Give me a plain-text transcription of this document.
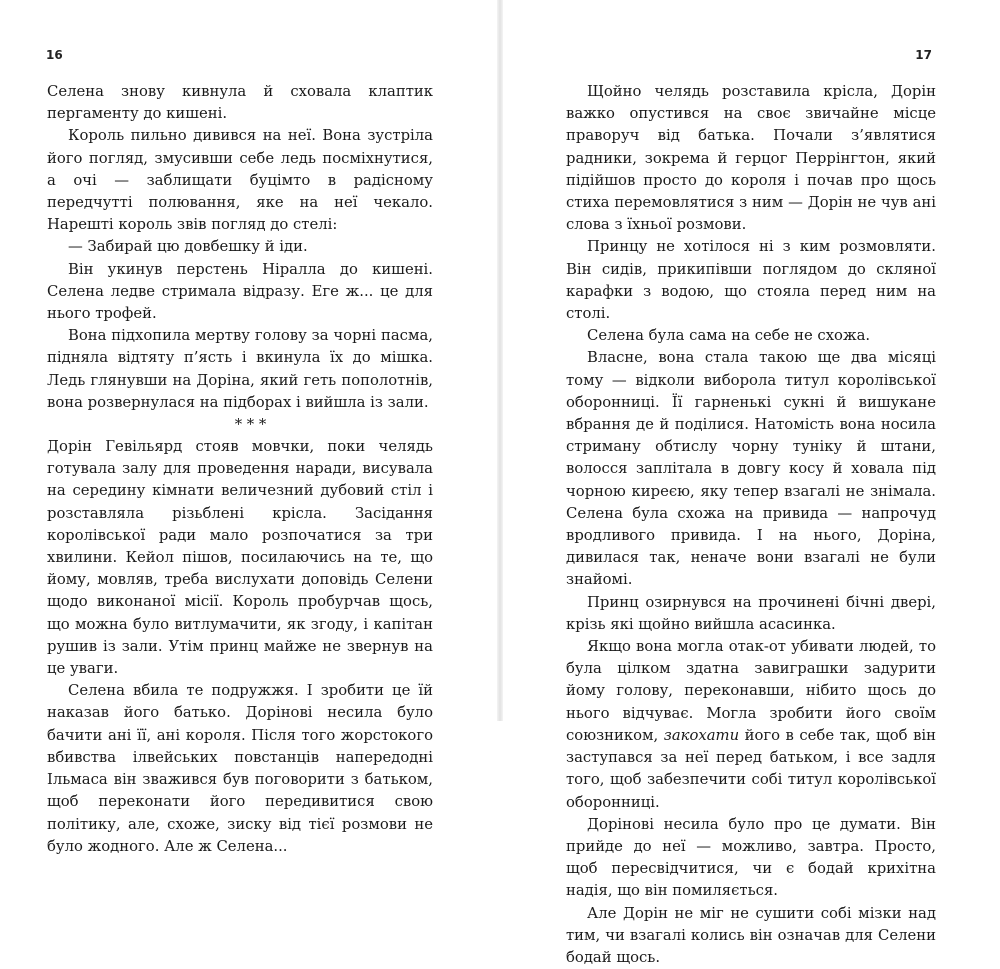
16

Селена знову кивнула й сховала клаптик пергаменту до кишені.

Король пильно дивився на неї. Вона зустріла його погляд, змусивши себе ледь посміхнутися, а очі — заблищати буцімто в радісному передчутті полювання, яке на неї чекало. Нарешті король звів погляд до стелі:

— Забирай цю довбешку й іди.

Він укинув перстень Ніралла до кишені. Селена ледве стримала відразу. Еге ж... це для нього трофей.

Вона підхопила мертву голову за чорні пасма, підняла відтяту п’ясть і вкинула їх до мішка. Ледь глянувши на Доріна, який геть пополотнів, вона розвернулася на підборах і вийшла із зали.

* * *

Дорін Гевільярд стояв мовчки, поки челядь готувала залу для проведення наради, висувала на середину кімнати величезний дубовий стіл і розставляла різьблені крісла. Засідання королівської ради мало розпочатися за три хвилини. Кейол пішов, посилаючись на те, що йому, мовляв, треба вислухати доповідь Селени щодо виконаної місії. Король пробурчав щось, що можна було витлумачити, як згоду, і капітан рушив із зали. Утім принц майже не звернув на це уваги.

Селена вбила те подружжя. І зробити це їй наказав його батько. Дорінові несила було бачити ані її, ані короля. Після того жорстокого вбивства ілвейських повстанців напередодні Ільмаса він зважився був поговорити з батьком, щоб переконати його передивитися свою політику, але, схоже, зиску від тієї розмови не було жодного. Але ж Селена...

17

Щойно челядь розставила крісла, Дорін важко опустився на своє звичайне місце праворуч від батька. Почали з’являтися радники, зокрема й герцог Перрінгтон, який підійшов просто до короля і почав про щось стиха перемовлятися з ним — Дорін не чув ані слова з їхньої розмови.

Принцу не хотілося ні з ким розмовляти. Він сидів, прикипівши поглядом до скляної карафки з водою, що стояла перед ним на столі.

Селена була сама на себе не схожа.

Власне, вона стала такою ще два місяці тому — відколи виборола титул королівської оборонниці. Її гарненькі сукні й вишукане вбрання де й поділися. Натомість вона носила стриману обтислу чорну туніку й штани, волосся заплітала в довгу косу й ховала під чорною киреєю, яку тепер взагалі не знімала. Селена була схожа на привида — напрочуд вродливого привида. І на нього, Доріна, дивилася так, неначе вони взагалі не були знайомі.

Принц озирнувся на прочинені бічні двері, крізь які щойно вийшла асасинка.

Якщо вона могла отак-от убивати людей, то була цілком здатна завиграшки задурити йому голову, переконавши, нібито щось до нього відчуває. Могла зробити його своїм союзником, закохати його в себе так, щоб він заступався за неї перед батьком, і все задля того, щоб забезпечити собі титул королівської оборонниці.

Дорінові несила було про це думати. Він прийде до неї — можливо, завтра. Просто, щоб пересвідчитися, чи є бодай крихітна надія, що він помиляється.

Але Дорін не міг не сушити собі мізки над тим, чи взагалі колись він означав для Селени бодай щось.
